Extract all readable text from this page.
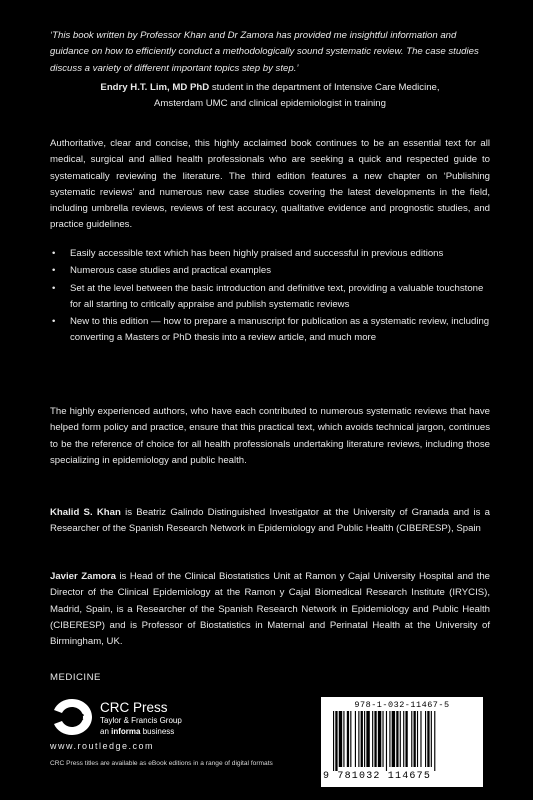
‘This book written by Professor Khan and Dr Zamora has provided me insightful information and guidance on how to efficiently conduct a methodologically sound systematic review. The case studies discuss a variety of different important topics step by step.’
Endry H.T. Lim, MD PhD student in the department of Intensive Care Medicine,
Amsterdam UMC and clinical epidemiologist in training
Authoritative, clear and concise, this highly acclaimed book continues to be an essential text for all medical, surgical and allied health professionals who are seeking a quick and respected guide to systematically reviewing the literature. The third edition features a new chapter on ‘Publishing systematic reviews’ and numerous new case studies covering the latest developments in the field, including umbrella reviews, reviews of test accuracy, qualitative evidence and prognostic studies, and practice guidelines.
• Easily accessible text which has been highly praised and successful in previous editions
• Numerous case studies and practical examples
• Set at the level between the basic introduction and definitive text, providing a valuable touchstone for all starting to critically appraise and publish systematic reviews
• New to this edition — how to prepare a manuscript for publication as a systematic review, including converting a Masters or PhD thesis into a review article, and much more
The highly experienced authors, who have each contributed to numerous systematic reviews that have helped form policy and practice, ensure that this practical text, which avoids technical jargon, continues to be the reference of choice for all health professionals undertaking literature reviews, including those specializing in epidemiology and public health.
Khalid S. Khan is Beatriz Galindo Distinguished Investigator at the University of Granada and is a Researcher of the Spanish Research Network in Epidemiology and Public Health (CIBERESP), Spain
Javier Zamora is Head of the Clinical Biostatistics Unit at Ramon y Cajal University Hospital and the Director of the Clinical Epidemiology at the Ramon y Cajal Biomedical Research Institute (IRYCIS), Madrid, Spain, is a Researcher of the Spanish Research Network in Epidemiology and Public Health (CIBERESP) and is Professor of Biostatistics in Maternal and Perinatal Health at the University of Birmingham, UK.
MEDICINE
CRC
CRC Press
Taylor & Francis Group
an informa business
www.routledge.com
CRC Press titles are available as eBook editions in a range of digital formats
978-1-032-11467-5
9 781032 114675
